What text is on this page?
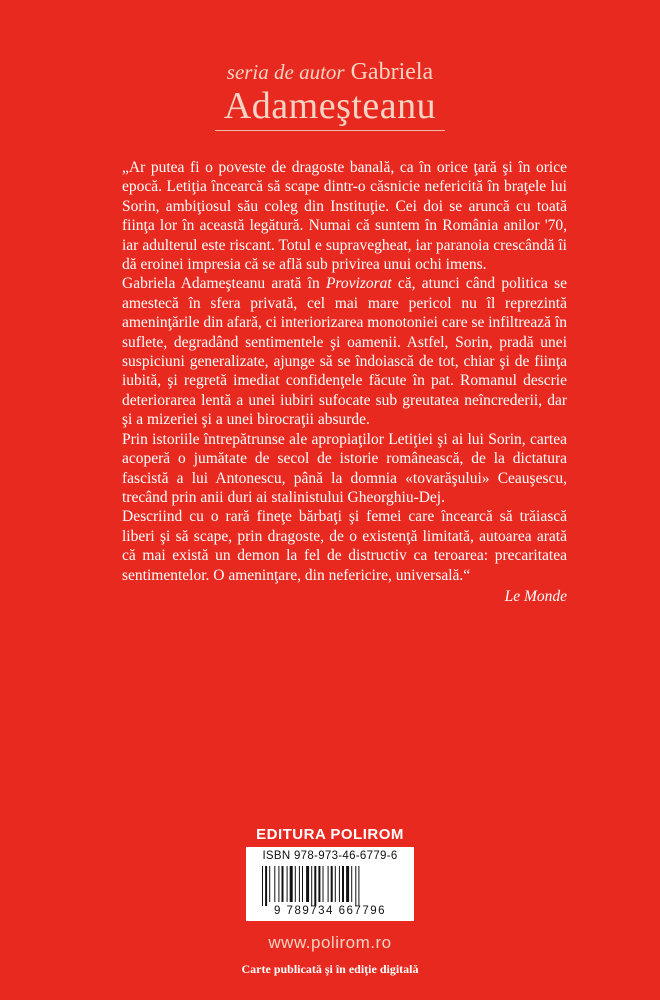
seria de autor Gabriela
Adameşteanu

„Ar putea fi o poveste de dragoste banală, ca în orice ţară şi în orice epocă. Letiţia încearcă să scape dintr-o căsnicie nefericită în braţele lui Sorin, ambiţiosul său coleg din Instituţie. Cei doi se aruncă cu toată fiinţa lor în această legătură. Numai că suntem în România anilor '70, iar adulterul este riscant. Totul e supravegheat, iar paranoia crescândă îi dă eroinei impresia că se află sub privirea unui ochi imens.

Gabriela Adameşteanu arată în Provizorat că, atunci când politica se amestecă în sfera privată, cel mai mare pericol nu îl reprezintă ameninţările din afară, ci interiorizarea monotoniei care se infiltrează în suflete, degradând sentimentele şi oamenii. Astfel, Sorin, pradă unei suspiciuni generalizate, ajunge să se îndoiască de tot, chiar şi de fiinţa iubită, şi regretă imediat confidenţele făcute în pat. Romanul descrie deteriorarea lentă a unei iubiri sufocate sub greutatea neîncrederii, dar şi a mizeriei şi a unei birocraţii absurde.

Prin istoriile întrepătrunse ale apropiaţilor Letiţiei şi ai lui Sorin, cartea acoperă o jumătate de secol de istorie românească, de la dictatura fascistă a lui Antonescu, până la domnia «tovarăşului» Ceauşescu, trecând prin anii duri ai stalinistului Gheorghiu-Dej.

Descriind cu o rară fineţe bărbaţi şi femei care încearcă să trăiască liberi şi să scape, prin dragoste, de o existenţă limitată, autoarea arată că mai există un demon la fel de distructiv ca teroarea: precaritatea sentimentelor. O ameninţare, din nefericire, universală.“

Le Monde
EDITURA POLIROM
ISBN 978-973-46-6779-6
9 789734 667796
www.polirom.ro
Carte publicată şi în ediţie digitală
